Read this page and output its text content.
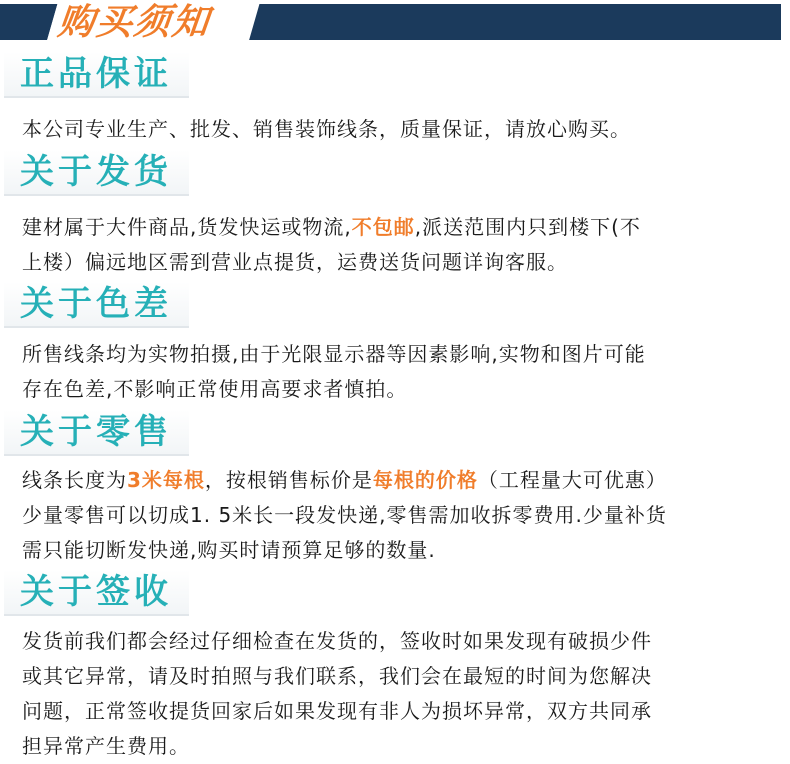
购买须知
正品保证
本公司专业生产、批发、销售装饰线条，质量保证，请放心购买。
关于发货
建材属于大件商品,货发快运或物流,不包邮,派送范围内只到楼下(不
上楼）偏远地区需到营业点提货，运费送货问题详询客服。
关于色差
所售线条均为实物拍摄,由于光限显示器等因素影响,实物和图片可能
存在色差,不影响正常使用高要求者慎拍。
关于零售
线条长度为3米每根，按根销售标价是每根的价格（工程量大可优惠）
少量零售可以切成1. 5米长一段发快递,零售需加收拆零费用.少量补货
需只能切断发快递,购买时请预算足够的数量.
关于签收
发货前我们都会经过仔细检查在发货的，签收时如果发现有破损少件
或其它异常，请及时拍照与我们联系，我们会在最短的时间为您解决
问题，正常签收提货回家后如果发现有非人为损坏异常，双方共同承
担异常产生费用。
